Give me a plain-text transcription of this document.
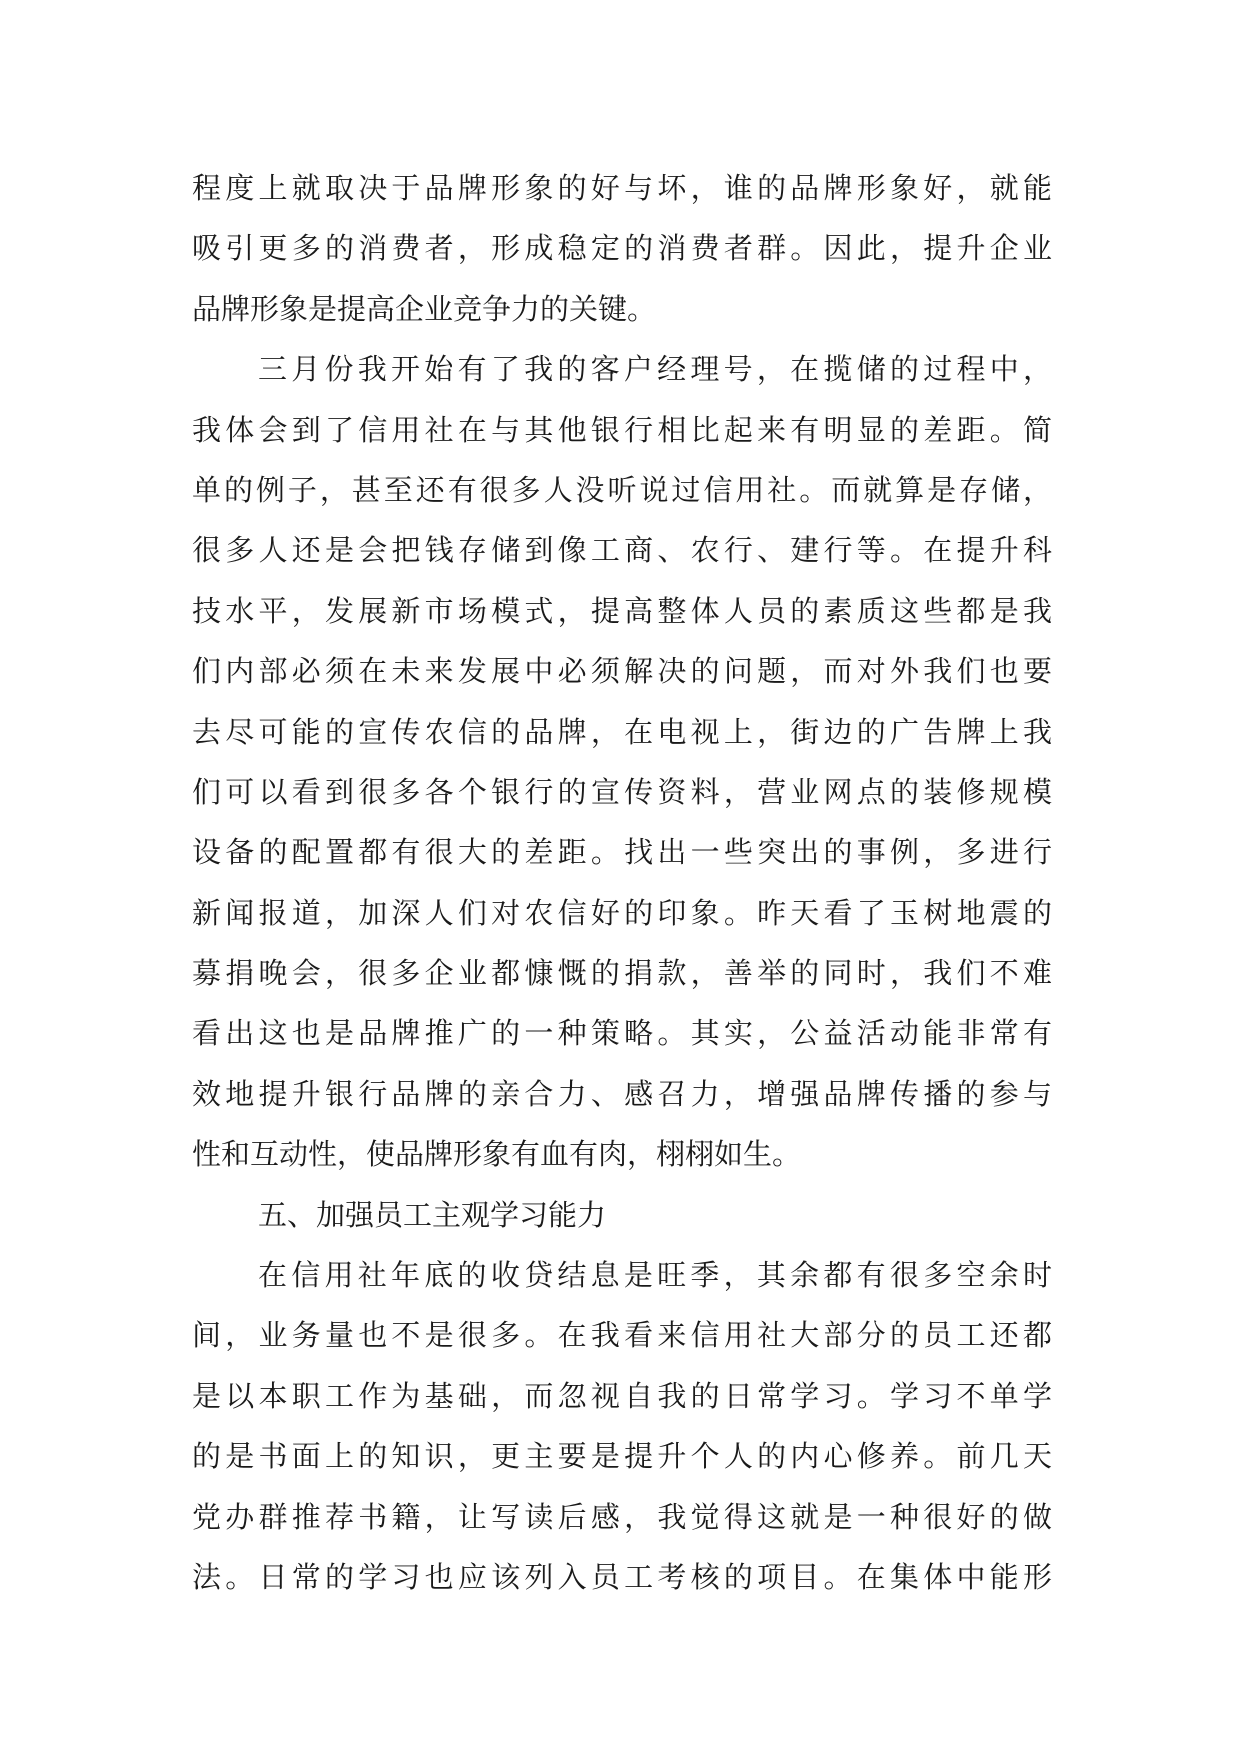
程度上就取决于品牌形象的好与坏，谁的品牌形象好，就能
吸引更多的消费者，形成稳定的消费者群。因此，提升企业
品牌形象是提高企业竞争力的关键。
三月份我开始有了我的客户经理号，在揽储的过程中，
我体会到了信用社在与其他银行相比起来有明显的差距。简
单的例子，甚至还有很多人没听说过信用社。而就算是存储，
很多人还是会把钱存储到像工商、农行、建行等。在提升科
技水平，发展新市场模式，提高整体人员的素质这些都是我
们内部必须在未来发展中必须解决的问题，而对外我们也要
去尽可能的宣传农信的品牌，在电视上，街边的广告牌上我
们可以看到很多各个银行的宣传资料，营业网点的装修规模
设备的配置都有很大的差距。找出一些突出的事例，多进行
新闻报道，加深人们对农信好的印象。昨天看了玉树地震的
募捐晚会，很多企业都慷慨的捐款，善举的同时，我们不难
看出这也是品牌推广的一种策略。其实，公益活动能非常有
效地提升银行品牌的亲合力、感召力，增强品牌传播的参与
性和互动性，使品牌形象有血有肉，栩栩如生。
五、加强员工主观学习能力
在信用社年底的收贷结息是旺季，其余都有很多空余时
间，业务量也不是很多。在我看来信用社大部分的员工还都
是以本职工作为基础，而忽视自我的日常学习。学习不单学
的是书面上的知识，更主要是提升个人的内心修养。前几天
党办群推荐书籍，让写读后感，我觉得这就是一种很好的做
法。日常的学习也应该列入员工考核的项目。在集体中能形
